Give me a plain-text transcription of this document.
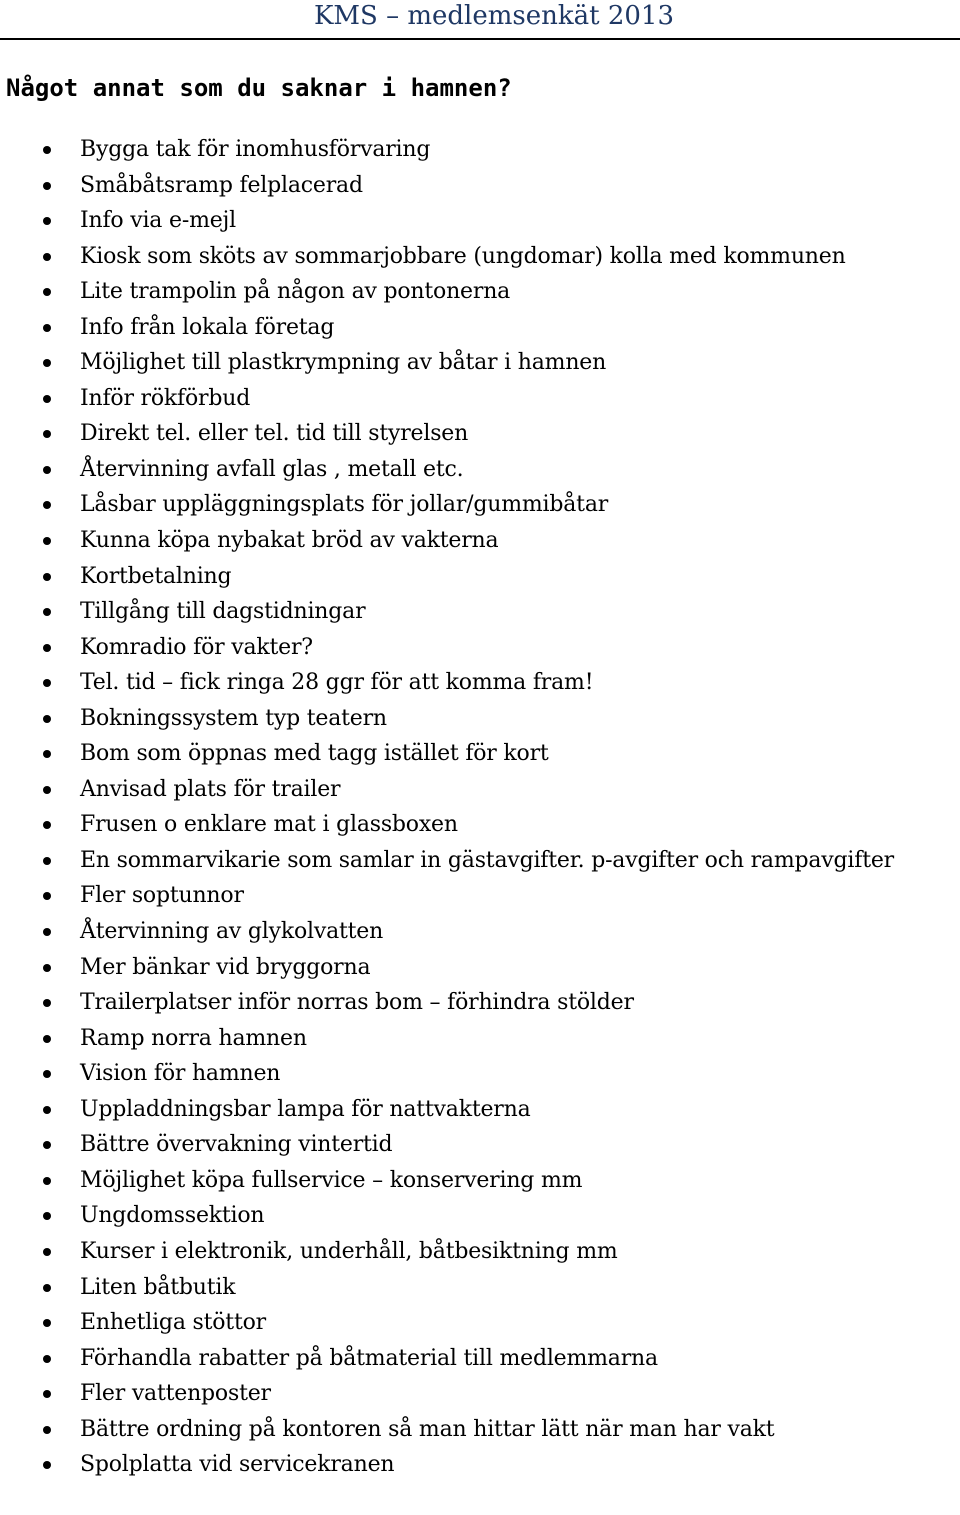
KMS – medlemsenkät 2013
Något annat som du saknar i hamnen?
Bygga tak för inomhusförvaring
Småbåtsramp felplacerad
Info via e-mejl
Kiosk som sköts av sommarjobbare (ungdomar) kolla med kommunen
Lite trampolin på någon av pontonerna
Info från lokala företag
Möjlighet till plastkrympning av båtar i hamnen
Inför rökförbud
Direkt tel. eller tel. tid till styrelsen
Återvinning avfall glas , metall etc.
Låsbar uppläggningsplats för jollar/gummibåtar
Kunna köpa nybakat bröd av vakterna
Kortbetalning
Tillgång till dagstidningar
Komradio för vakter?
Tel. tid – fick ringa 28 ggr för att komma fram!
Bokningssystem typ teatern
Bom som öppnas med tagg istället för kort
Anvisad plats för trailer
Frusen o enklare mat i glassboxen
En sommarvikarie som samlar in gästavgifter. p-avgifter och rampavgifter
Fler soptunnor
Återvinning av glykolvatten
Mer bänkar vid bryggorna
Trailerplatser inför norras bom – förhindra stölder
Ramp norra hamnen
Vision för hamnen
Uppladdningsbar lampa för nattvakterna
Bättre övervakning vintertid
Möjlighet köpa fullservice – konservering mm
Ungdomssektion
Kurser i elektronik, underhåll, båtbesiktning mm
Liten båtbutik
Enhetliga stöttor
Förhandla rabatter på båtmaterial till medlemmarna
Fler vattenposter
Bättre ordning på kontoren så man hittar lätt när man har vakt
Spolplatta vid servicekranen
